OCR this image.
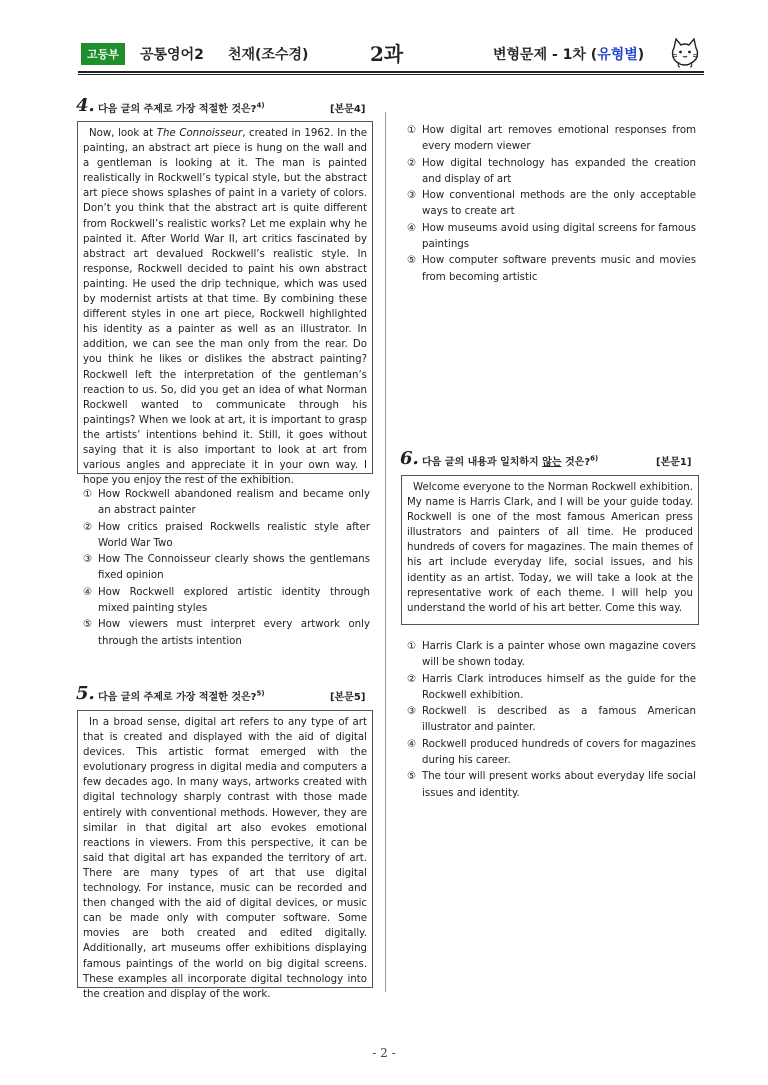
고등부	공통영어2 천재(조수경)	2과	변형문제 - 1차 (유형별)
4. 다음 글의 주제로 가장 적절한 것은?$^{4)}$	[본문4]
Now, look at The Connoisseur, created in 1962. In the painting, an abstract art piece is hung on the wall and a gentleman is looking at it. The man is painted realistically in Rockwell’s typical style, but the abstract art piece shows splashes of paint in a variety of colors. Don’t you think that the abstract art is quite different from Rockwell’s realistic works? Let me explain why he painted it. After World War II, art critics fascinated by abstract art devalued Rockwell’s realistic style. In response, Rockwell decided to paint his own abstract painting. He used the drip technique, which was used by modernist artists at that time. By combining these different styles in one art piece, Rockwell highlighted his identity as a painter as well as an illustrator. In addition, we can see the man only from the rear. Do you think he likes or dislikes the abstract painting? Rockwell left the interpretation of the gentleman’s reaction to us. So, did you get an idea of what Norman Rockwell wanted to communicate through his paintings? When we look at art, it is important to grasp the artists’ intentions behind it. Still, it goes without saying that it is also important to look at art from various angles and appreciate it in your own way. I hope you enjoy the rest of the exhibition.
① How Rockwell abandoned realism and became only an abstract painter
② How critics praised Rockwells realistic style after World War Two
③ How The Connoisseur clearly shows the gentlemans fixed opinion
④ How Rockwell explored artistic identity through mixed painting styles
⑤ How viewers must interpret every artwork only through the artists intention
5. 다음 글의 주제로 가장 적절한 것은?$^{5)}$	[본문5]
In a broad sense, digital art refers to any type of art that is created and displayed with the aid of digital devices. This artistic format emerged with the evolutionary progress in digital media and computers a few decades ago. In many ways, artworks created with digital technology sharply contrast with those made entirely with conventional methods. However, they are similar in that digital art also evokes emotional reactions in viewers. From this perspective, it can be said that digital art has expanded the territory of art. There are many types of art that use digital technology. For instance, music can be recorded and then changed with the aid of digital devices, or music can be made only with computer software. Some movies are both created and edited digitally. Additionally, art museums offer exhibitions displaying famous paintings of the world on big digital screens. These examples all incorporate digital technology into the creation and display of the work.
① How digital art removes emotional responses from every modern viewer
② How digital technology has expanded the creation and display of art
③ How conventional methods are the only acceptable ways to create art
④ How museums avoid using digital screens for famous paintings
⑤ How computer software prevents music and movies from becoming artistic
6. 다음 글의 내용과 일치하지 않는 것은?$^{6)}$	[본문1]
Welcome everyone to the Norman Rockwell exhibition. My name is Harris Clark, and I will be your guide today. Rockwell is one of the most famous American press illustrators and painters of all time. He produced hundreds of covers for magazines. The main themes of his art include everyday life, social issues, and his identity as an artist. Today, we will take a look at the representative work of each theme. I will help you understand the world of his art better. Come this way.
① Harris Clark is a painter whose own magazine covers will be shown today.
② Harris Clark introduces himself as the guide for the Rockwell exhibition.
③ Rockwell is described as a famous American illustrator and painter.
④ Rockwell produced hundreds of covers for magazines during his career.
⑤ The tour will present works about everyday life social issues and identity.
- 2 -
